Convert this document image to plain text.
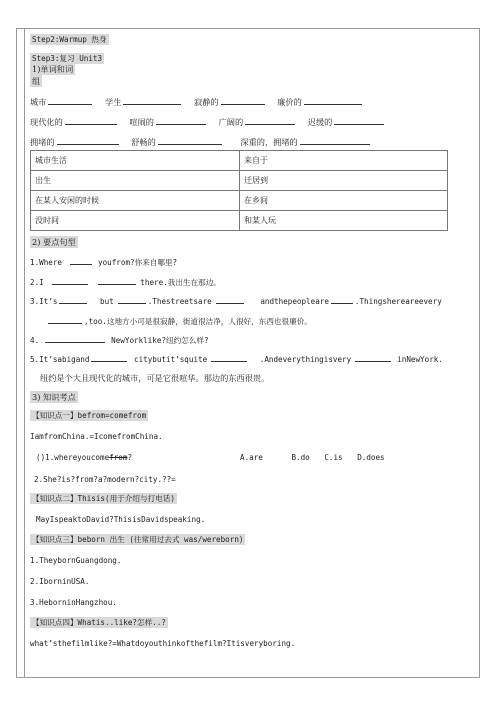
Step2:Warmup 热身
Step3:复习 Unit3
1)单词和词
组
城市	学生	寂静的	廉价的
现代化的	喧闹的	广阔的	迟缓的
拥堵的	舒畅的	深重的，拥堵的
城市生活	来自于
出生	迁居到
在某人安闲的时候	在乡间
没时间	和某人玩
2) 要点句型
1.Where	youfrom?你来自哪里?
2.I	there.我出生在那边。
3.It’s	but	.Thestreetsare	andthepeopleare	.Thingshereareevery
,too.这地方小可是很寂静，街道很洁净，人很好，东西也很廉价。
4.	NewYorklike?纽约怎么样?
5.It’sabigand	citybutit’squite	.Andeverythingisvery	inNewYork.
纽约是个大且现代化的城市，可是它很喧华。那边的东西很贵。
3) 知识考点
【知识点一】befrom=comefrom
IamfromChina.=IcomefromChina.
()1.whereyoucomefrom?	A.are	B.do C.is D.does
2.She?is?from?a?modern?city.??=
【知识点二】Thisis(用于介绍与打电话)
MayIspeaktoDavid?ThisisDavidspeaking.
【知识点三】beborn 出生 (往常用过去式 was/wereborn)
1.TheybornGuangdong.
2.IborninUSA.
3.HeborninHangzhou.
【知识点四】Whatis..like?怎样..?
what’sthefilmlike?=Whatdoyouthinkofthefilm?Itisveryboring.
